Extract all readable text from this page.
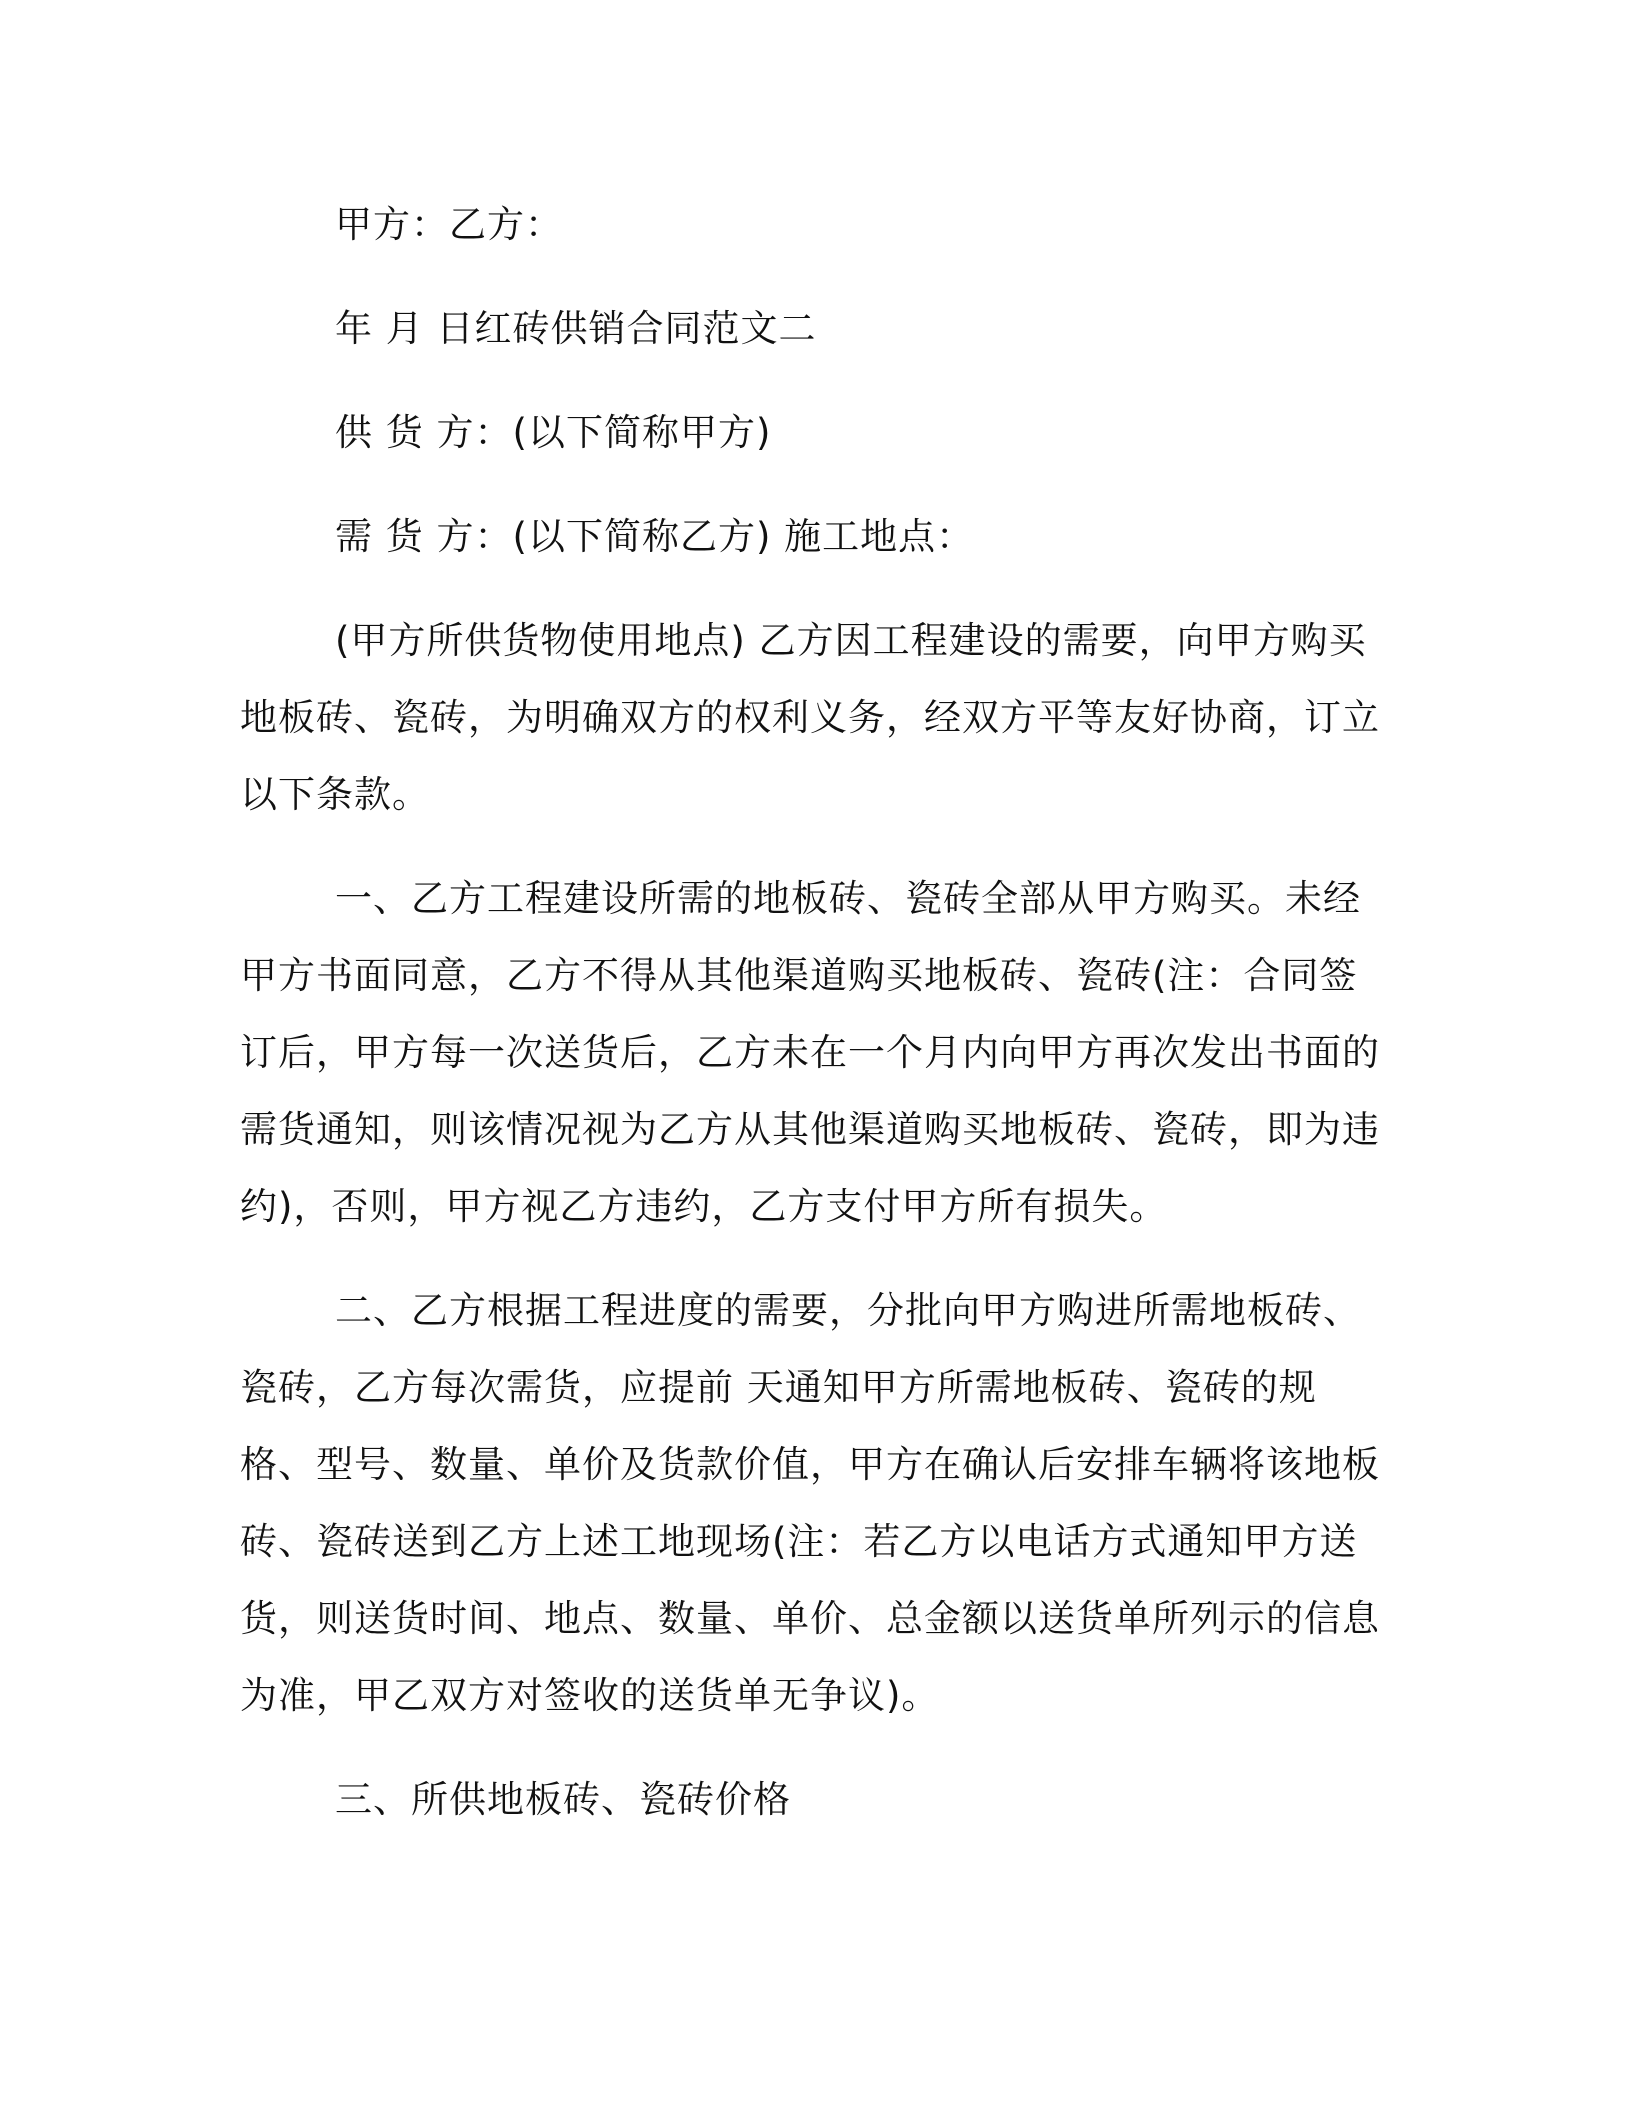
甲方：乙方：

年 月 日红砖供销合同范文二

供 货 方：(以下简称甲方)

需 货 方：(以下简称乙方) 施工地点：

(甲方所供货物使用地点) 乙方因工程建设的需要，向甲方购买地板砖、瓷砖，为明确双方的权利义务，经双方平等友好协商，订立以下条款。

一、乙方工程建设所需的地板砖、瓷砖全部从甲方购买。未经甲方书面同意，乙方不得从其他渠道购买地板砖、瓷砖(注：合同签订后，甲方每一次送货后，乙方未在一个月内向甲方再次发出书面的需货通知，则该情况视为乙方从其他渠道购买地板砖、瓷砖，即为违约)，否则，甲方视乙方违约，乙方支付甲方所有损失。

二、乙方根据工程进度的需要，分批向甲方购进所需地板砖、瓷砖，乙方每次需货，应提前 天通知甲方所需地板砖、瓷砖的规格、型号、数量、单价及货款价值，甲方在确认后安排车辆将该地板砖、瓷砖送到乙方上述工地现场(注：若乙方以电话方式通知甲方送货，则送货时间、地点、数量、单价、总金额以送货单所列示的信息为准，甲乙双方对签收的送货单无争议)。

三、所供地板砖、瓷砖价格
